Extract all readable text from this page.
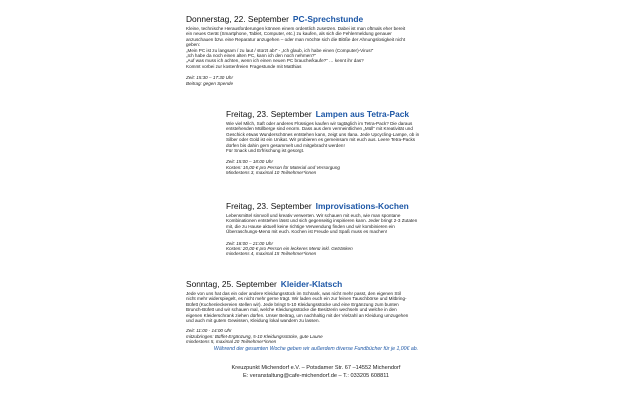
Donnerstag, 22. September PC-Sprechstunde

Kleine, technische Herausforderungen können einem ordentlich zusetzen. Dabei ist man oftmals eher bereit

ein neues Gerät (Smartphone, Tablet, Computer, etc.) zu kaufen, als sich die Fehlermeldung genauer

anzuschauen bzw. eine Reparatur anzugehen – oder man möchte sich die Blöße der Ahnungslosigkeit nicht

geben:

„Mein PC ist zu langsam / zu laut / stürzt ab!“ - „Ich glaub, ich habe einen (Computer)-Virus!“

„Ich habe da noch einen alten PC, kann ich den noch nehmen?“

„Auf was muss ich achten, wenn ich einen neuen PC brauche/kaufe?“ … kennt ihr das?

Kommt vorbei zur kostenfreien Fragestunde mit Matthias

Zeit: 15:30 – 17:30 Uhr

Beitrag: gegen Spende

Freitag, 23. September Lampen aus Tetra-Pack

Wie viel Milch, Saft oder anderes Flüssiges kaufen wir tagtäglich im Tetra-Pack? Die daraus

entstehenden Müllberge sind enorm. Dass aus dem vermeintlichen „Müll“ mit Kreativität und

Geschick etwas Wunderschönes entstehen kann, zeigt uns Ilana. Jede Upcycling-Lampe, ob in

Silber oder Gold ist ein Unikat. Wir probieren es gemeinsam mit euch aus. Leere Tetra-Packs

dürfen bis dahin gern gesammelt und mitgebracht werden!

Für Snack und Erfrischung ist gesorgt.

Zeit: 15:00 – 18:00 Uhr

Kosten: 15,00 € pro Person für Material und Versorgung

Mindestens 3, maximal 10 Teilnehmer*innen

Freitag, 23. September Improvisations-Kochen

Lebensmittel sinnvoll und kreativ verwerten. Wir schauen mit euch, wie man spontane

Kombinationen entstehen lässt und sich gegenseitig inspirieren kann. Jeder bringt 2-3 Zutaten

mit, die zu Hause aktuell keine richtige Verwendung finden und wir kombinieren ein

Überraschungs-Menü mit euch. Kochen ist Freude und Spaß muss es machen!

Zeit: 18:00 – 21:00 Uhr

Kosten: 20,00 € pro Person ein leckeres Menü inkl. Getränken

mindestens 4, maximal 15 Teilnehmer*innen

Sonntag, 25. September Kleider-Klatsch

Jede von uns hat das ein oder andere Kleidungsstück im Schrank, was nicht mehr passt, den eigenen Stil

nicht mehr widerspiegelt, es nicht mehr gerne trägt. Wir laden euch ein zur feinen Tauschbörse und Mitbring-

Büfett (Kuchenleckereien stellen wir). Jede bringt 5-10 Kleidungsstücke und eine Ergänzung zum bunten

Brunch-Büfett und wir schauen mal, welche Kleidungsstücke die Besitzerin wechseln und welche in den

eigenen Kleiderschrank ziehen dürfen. Unser Beitrag, um nachhaltig mit der Vielzahl an Kleidung umzugehen

und auch mit gutem Gewissen, Kleidung lokal wandern zu lassen.

Zeit: 11:00 - 14:00 Uhr

mitzubringen: Büffet-Ergänzung, 5-10 Kleidungsstücke, gute Laune

mindestens 5, maximal 20 Teilnehmer*innen

Während der gesamten Woche geben wir außerdem diverse Fundbücher für je 1,00€ ab.

Kreuzpunkt Michendorf e.V. – Potsdamer Str. 67 –14552 Michendorf

E: veranstaltung@cafe-michendorf.de – T.: 033205 608811
